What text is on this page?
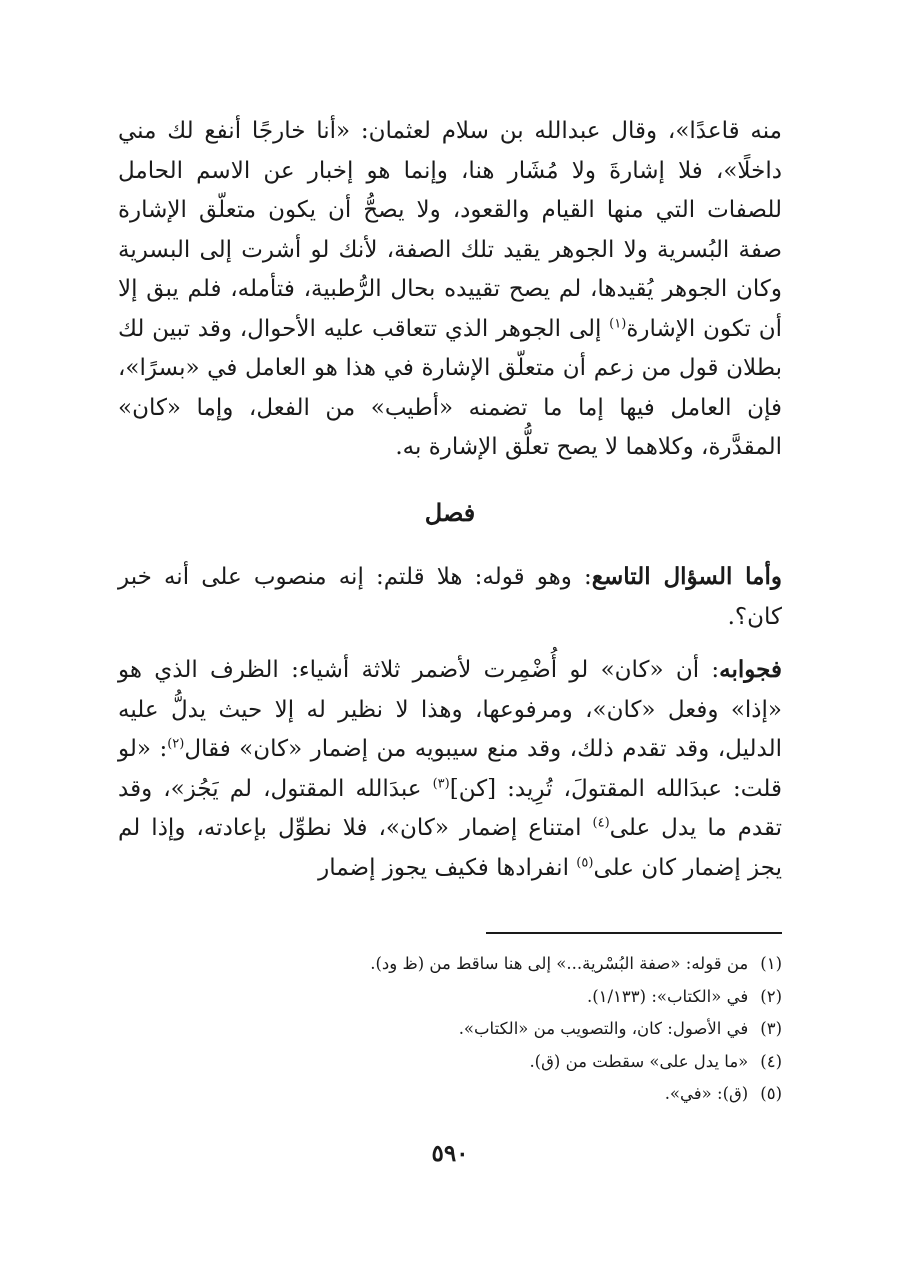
منه قاعدًا»، وقال عبدالله بن سلام لعثمان: «أنا خارجًا أنفع لك مني داخلًا»، فلا إشارةَ ولا مُشَار هنا، وإنما هو إخبار عن الاسم الحامل للصفات التي منها القيام والقعود، ولا يصحُّ أن يكون متعلّق الإشارة صفة البُسرية ولا الجوهر يقيد تلك الصفة، لأنك لو أشرت إلى البسرية وكان الجوهر يُقيدها، لم يصح تقييده بحال الرُّطبية، فتأمله، فلم يبق إلا أن تكون الإشارة$^{(١)}$ إلى الجوهر الذي تتعاقب عليه الأحوال، وقد تبين لك بطلان قول من زعم أن متعلّق الإشارة في هذا هو العامل في «بسرًا»، فإن العامل فيها إما ما تضمنه «أطيب» من الفعل، وإما «كان» المقدَّرة، وكلاهما لا يصح تعلُّق الإشارة به.

فصل

وأما السؤال التاسع: وهو قوله: هلا قلتم: إنه منصوب على أنه خبر كان؟.

فجوابه: أن «كان» لو أُضْمِرت لأضمر ثلاثة أشياء: الظرف الذي هو «إذا» وفعل «كان»، ومرفوعها، وهذا لا نظير له إلا حيث يدلُّ عليه الدليل، وقد تقدم ذلك، وقد منع سيبويه من إضمار «كان» فقال$^{(٢)}$: «لو قلت: عبدَالله المقتولَ، تُرِيد: [كن]$^{(٣)}$ عبدَالله المقتول، لم يَجُز»، وقد تقدم ما يدل على$^{(٤)}$ امتناع إضمار «كان»، فلا نطوِّل بإعادته، وإذا لم يجز إضمار كان على$^{(٥)}$ انفرادها فكيف يجوز إضمار

(١)من قوله: «صفة البُسْرية...» إلى هنا ساقط من (ظ ود).
(٢)في «الكتاب»: (١/١٣٣).
(٣)في الأصول: كان، والتصويب من «الكتاب».
(٤)«ما يدل على» سقطت من (ق).
(٥)(ق): «في».
٥٩٠
